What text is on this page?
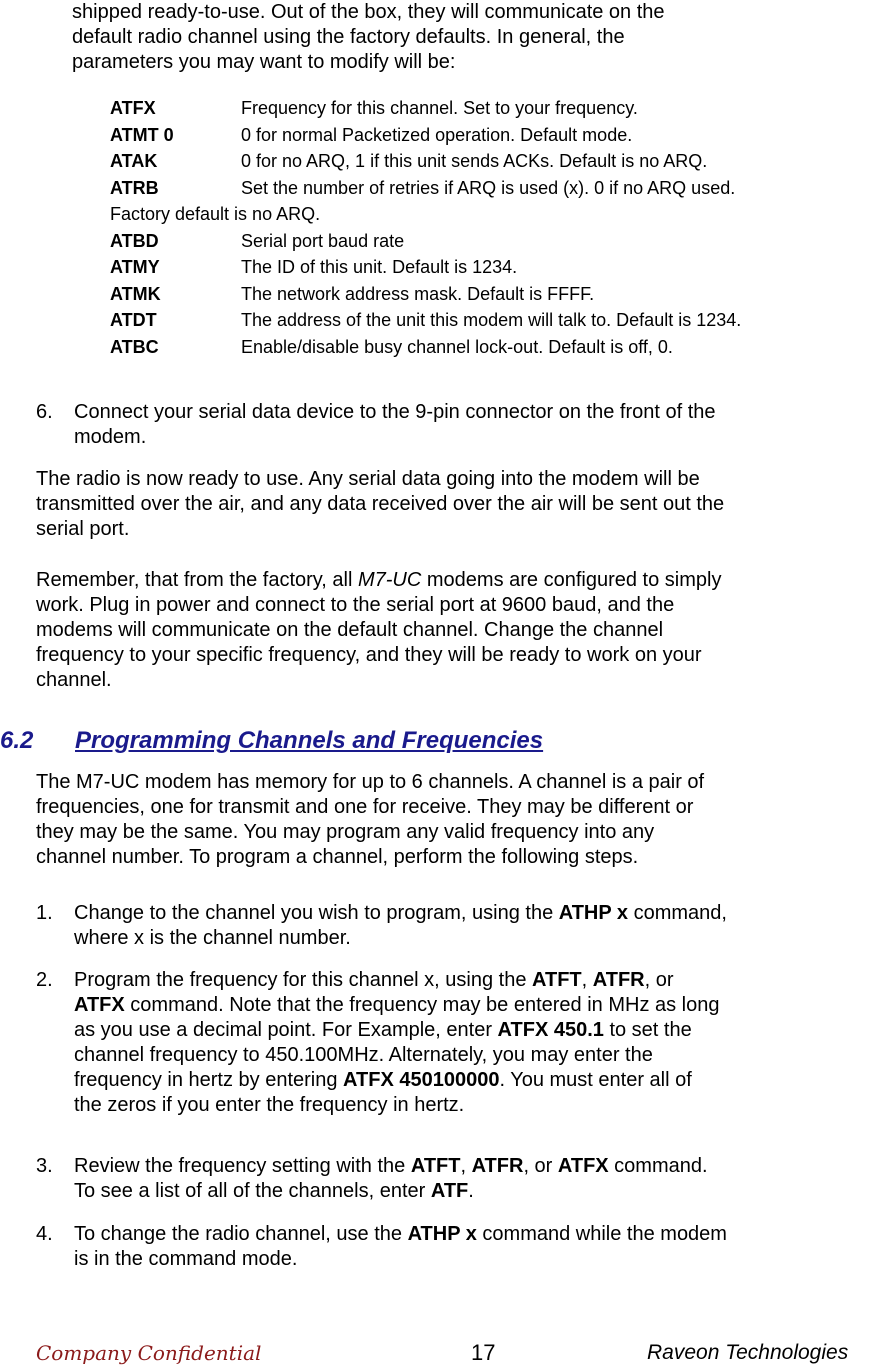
shipped ready-to-use. Out of the box, they will communicate on the
default radio channel using the factory defaults. In general, the
parameters you may want to modify will be:
ATFX	Frequency for this channel. Set to your frequency.
ATMT 0	0 for normal Packetized operation. Default mode.
ATAK	0 for no ARQ, 1 if this unit sends ACKs. Default is no ARQ.
ATRB	Set the number of retries if ARQ is used (x). 0 if no ARQ used.
Factory default is no ARQ.
ATBD	Serial port baud rate
ATMY	The ID of this unit. Default is 1234.
ATMK	The network address mask. Default is FFFF.
ATDT	The address of the unit this modem will talk to. Default is 1234.
ATBC	Enable/disable busy channel lock-out. Default is off, 0.
6. Connect your serial data device to the 9-pin connector on the front of the
modem.
The radio is now ready to use. Any serial data going into the modem will be
transmitted over the air, and any data received over the air will be sent out the
serial port.
Remember, that from the factory, all M7-UC modems are configured to simply
work. Plug in power and connect to the serial port at 9600 baud, and the
modems will communicate on the default channel. Change the channel
frequency to your specific frequency, and they will be ready to work on your
channel.
6.2 Programming Channels and Frequencies
The M7-UC modem has memory for up to 6 channels. A channel is a pair of
frequencies, one for transmit and one for receive. They may be different or
they may be the same. You may program any valid frequency into any
channel number. To program a channel, perform the following steps.
1. Change to the channel you wish to program, using the ATHP x command,
where x is the channel number.
2. Program the frequency for this channel x, using the ATFT, ATFR, or
ATFX command. Note that the frequency may be entered in MHz as long
as you use a decimal point. For Example, enter ATFX 450.1 to set the
channel frequency to 450.100MHz. Alternately, you may enter the
frequency in hertz by entering ATFX 450100000. You must enter all of
the zeros if you enter the frequency in hertz.
3. Review the frequency setting with the ATFT, ATFR, or ATFX command.
To see a list of all of the channels, enter ATF.
4. To change the radio channel, use the ATHP x command while the modem
is in the command mode.
Company Confidential	17	Raveon Technologies
